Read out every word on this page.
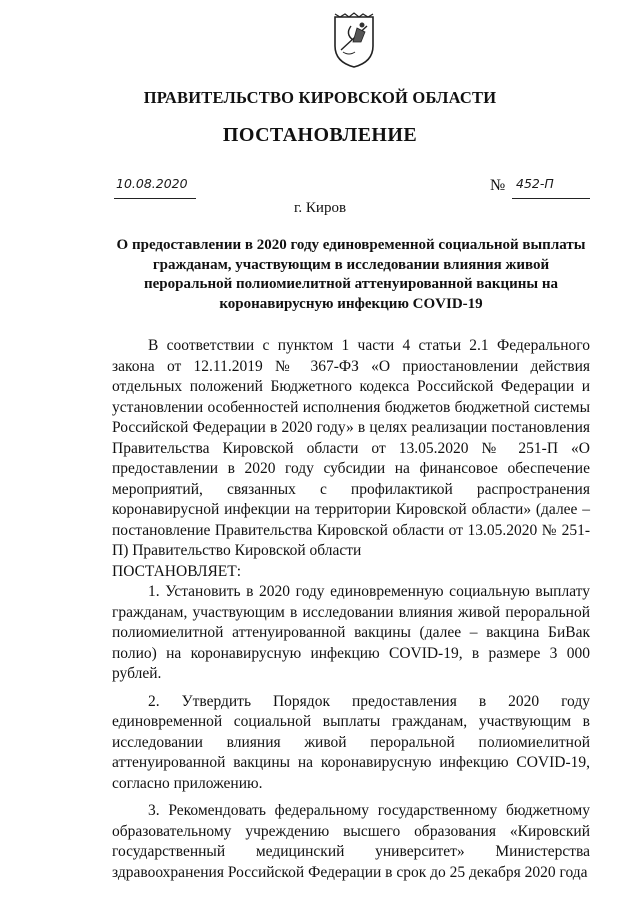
ПРАВИТЕЛЬСТВО КИРОВСКОЙ ОБЛАСТИ
ПОСТАНОВЛЕНИЕ
10.08.2020	№ 452-П
г. Киров
О предоставлении в 2020 году единовременной социальной выплаты
гражданам, участвующим в исследовании влияния живой
пероральной полиомиелитной аттенуированной вакцины на
коронавирусную инфекцию COVID-19

В соответствии с пунктом 1 части 4 статьи 2.1 Федерального закона от 12.11.2019 № 367-ФЗ «О приостановлении действия отдельных положений Бюджетного кодекса Российской Федерации и установлении особенностей исполнения бюджетов бюджетной системы Российской Федерации в 2020 году» в целях реализации постановления Правительства Кировской области от 13.05.2020 № 251-П «О предоставлении в 2020 году субсидии на финансовое обеспечение мероприятий, связанных с профилактикой распространения коронавирусной инфекции на территории Кировской области» (далее – постановление Правительства Кировской области от 13.05.2020 № 251-П) Правительство Кировской области

ПОСТАНОВЛЯЕТ:

1. Установить в 2020 году единовременную социальную выплату гражданам, участвующим в исследовании влияния живой пероральной полиомиелитной аттенуированной вакцины (далее – вакцина БиВак полио) на коронавирусную инфекцию COVID-19, в размере 3 000 рублей.

2. Утвердить Порядок предоставления в 2020 году единовременной социальной выплаты гражданам, участвующим в исследовании влияния живой пероральной полиомиелитной аттенуированной вакцины на коронавирусную инфекцию COVID-19, согласно приложению.

3. Рекомендовать федеральному государственному бюджетному образовательному учреждению высшего образования «Кировский государственный медицинский университет» Министерства здравоохранения Российской Федерации в срок до 25 декабря 2020 года
